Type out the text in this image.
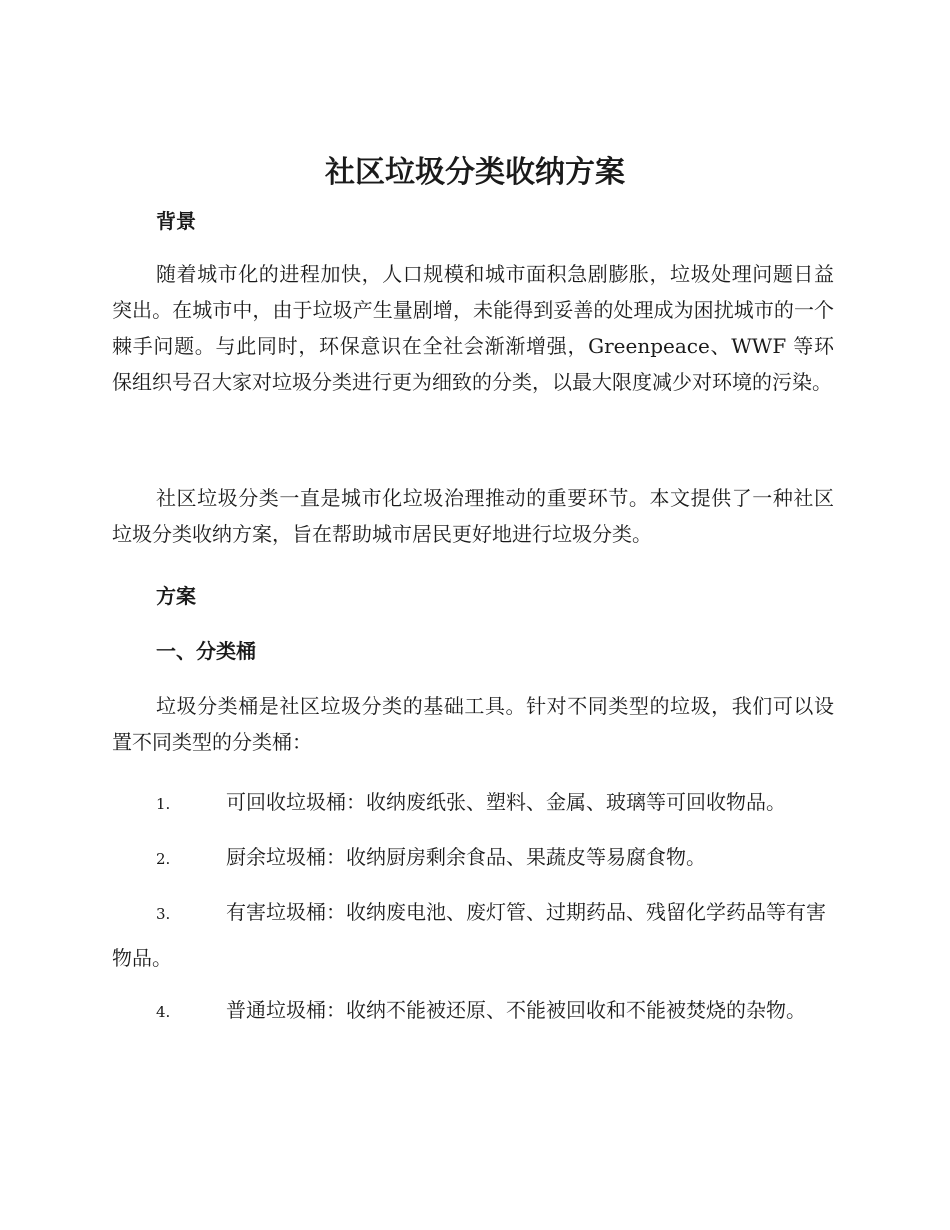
社区垃圾分类收纳方案
背景

随着城市化的进程加快，人口规模和城市面积急剧膨胀，垃圾处理问题日益突出。在城市中，由于垃圾产生量剧增，未能得到妥善的处理成为困扰城市的一个棘手问题。与此同时，环保意识在全社会渐渐增强，Greenpeace、WWF 等环保组织号召大家对垃圾分类进行更为细致的分类，以最大限度减少对环境的污染。

社区垃圾分类一直是城市化垃圾治理推动的重要环节。本文提供了一种社区垃圾分类收纳方案，旨在帮助城市居民更好地进行垃圾分类。

方案
一、分类桶

垃圾分类桶是社区垃圾分类的基础工具。针对不同类型的垃圾，我们可以设置不同类型的分类桶：

1.	可回收垃圾桶：收纳废纸张、塑料、金属、玻璃等可回收物品。

2.	厨余垃圾桶：收纳厨房剩余食品、果蔬皮等易腐食物。

3.	有害垃圾桶：收纳废电池、废灯管、过期药品、残留化学药品等有害物品。

4.	普通垃圾桶：收纳不能被还原、不能被回收和不能被焚烧的杂物。
